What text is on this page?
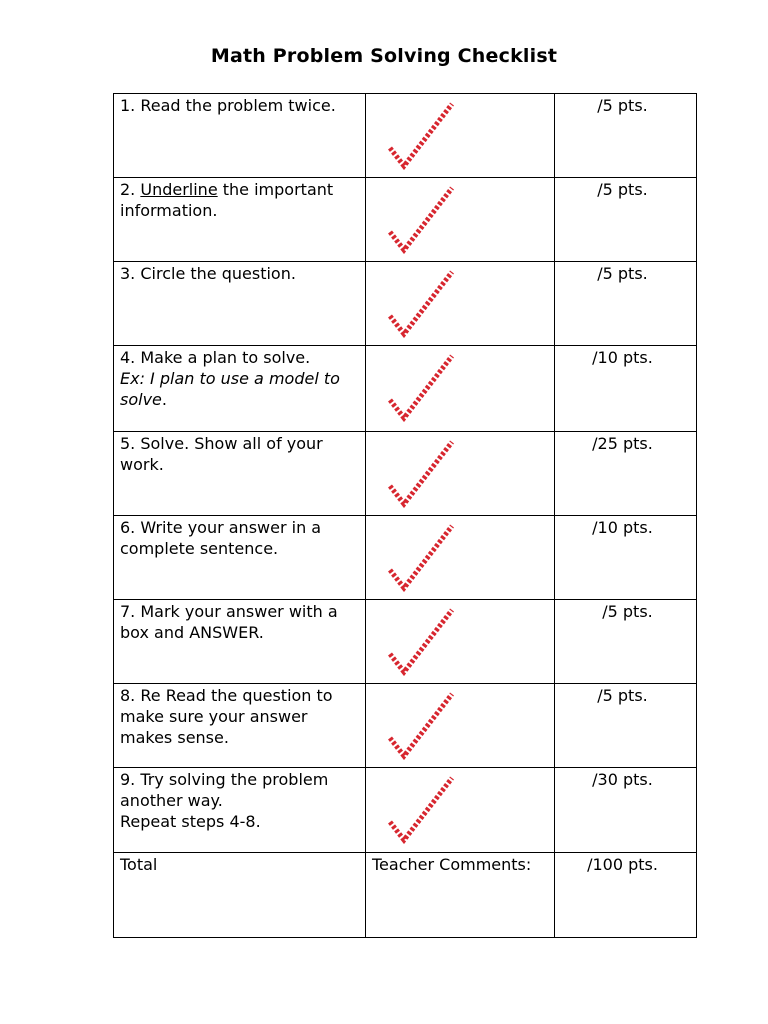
Math Problem Solving Checklist
1. Read the problem twice.		/5 pts.

2. Underline the important information.		/5 pts.

3. Circle the question.		/5 pts.

4. Make a plan to solve.
Ex: I plan to use a model to solve.		/10 pts.

5. Solve. Show all of your work.		/25 pts.

6. Write your answer in a complete sentence.		/10 pts.

7. Mark your answer with a box and ANSWER.		/5 pts.

8. Re Read the question to make sure your answer makes sense.		/5 pts.

9. Try solving the problem another way.
Repeat steps 4-8.		/30 pts.

Total	Teacher Comments:	/100 pts.
